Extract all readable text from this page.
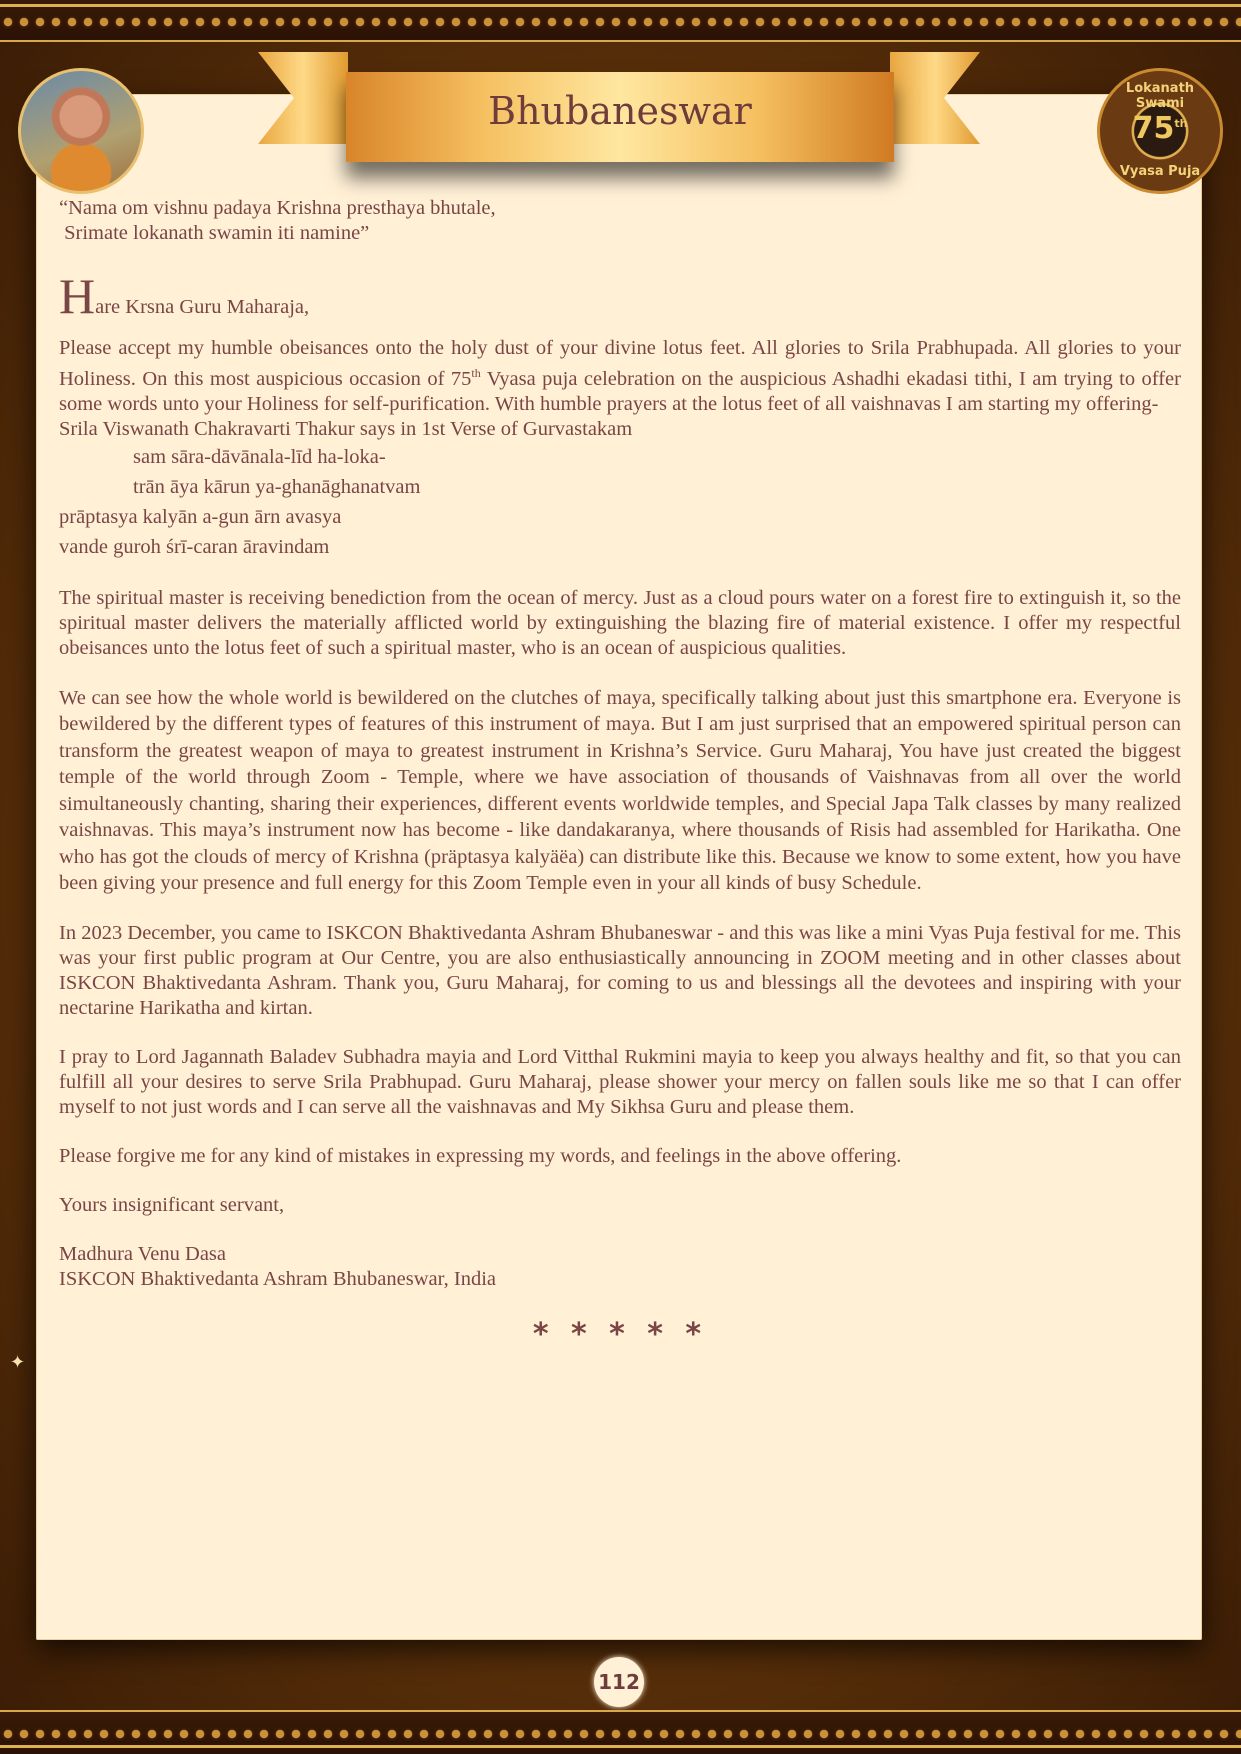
Bhubaneswar
Lokanath Swami
75th
Vyasa Puja
“Nama om vishnu padaya Krishna presthaya bhutale,
Srimate lokanath swamin iti namine”
Hare Krsna Guru Maharaja,

Please accept my humble obeisances onto the holy dust of your divine lotus feet. All glories to Srila Prabhupada. All glories to your Holiness. On this most auspicious occasion of 75th Vyasa puja celebration on the auspicious Ashadhi ekadasi tithi, I am trying to offer some words unto your Holiness for self-purification. With humble prayers at the lotus feet of all vaishnavas I am starting my offering-

Srila Viswanath Chakravarti Thakur says in 1st Verse of Gurvastakam
sam sāra-dāvānala-līd ha-loka-
trān āya kārun ya-ghanāghanatvam
prāptasya kalyān a-gun ārn avasya
vande guroh śrī-caran āravindam

The spiritual master is receiving benediction from the ocean of mercy. Just as a cloud pours water on a forest fire to extinguish it, so the spiritual master delivers the materially afflicted world by extinguishing the blazing fire of material existence. I offer my respectful obeisances unto the lotus feet of such a spiritual master, who is an ocean of auspicious qualities.

We can see how the whole world is bewildered on the clutches of maya, specifically talking about just this smartphone era. Everyone is bewildered by the different types of features of this instrument of maya. But I am just surprised that an empowered spiritual person can transform the greatest weapon of maya to greatest instrument in Krishna’s Service. Guru Maharaj, You have just created the biggest temple of the world through Zoom - Temple, where we have association of thousands of Vaishnavas from all over the world simultaneously chanting, sharing their experiences, different events worldwide temples, and Special Japa Talk classes by many realized vaishnavas. This maya’s instrument now has become - like dandakaranya, where thousands of Risis had assembled for Harikatha. One who has got the clouds of mercy of Krishna (präptasya kalyäëa) can distribute like this. Because we know to some extent, how you have been giving your presence and full energy for this Zoom Temple even in your all kinds of busy Schedule.

In 2023 December, you came to ISKCON Bhaktivedanta Ashram Bhubaneswar - and this was like a mini Vyas Puja festival for me. This was your first public program at Our Centre, you are also enthusiastically announcing in ZOOM meeting and in other classes about ISKCON Bhaktivedanta Ashram. Thank you, Guru Maharaj, for coming to us and blessings all the devotees and inspiring with your nectarine Harikatha and kirtan.

I pray to Lord Jagannath Baladev Subhadra mayia and Lord Vitthal Rukmini mayia to keep you always healthy and fit, so that you can fulfill all your desires to serve Srila Prabhupad. Guru Maharaj, please shower your mercy on fallen souls like me so that I can offer myself to not just words and I can serve all the vaishnavas and My Sikhsa Guru and please them.

Please forgive me for any kind of mistakes in expressing my words, and feelings in the above offering.

Yours insignificant servant,
Madhura Venu Dasa
ISKCON Bhaktivedanta Ashram Bhubaneswar, India
* * * * *
✦
112
